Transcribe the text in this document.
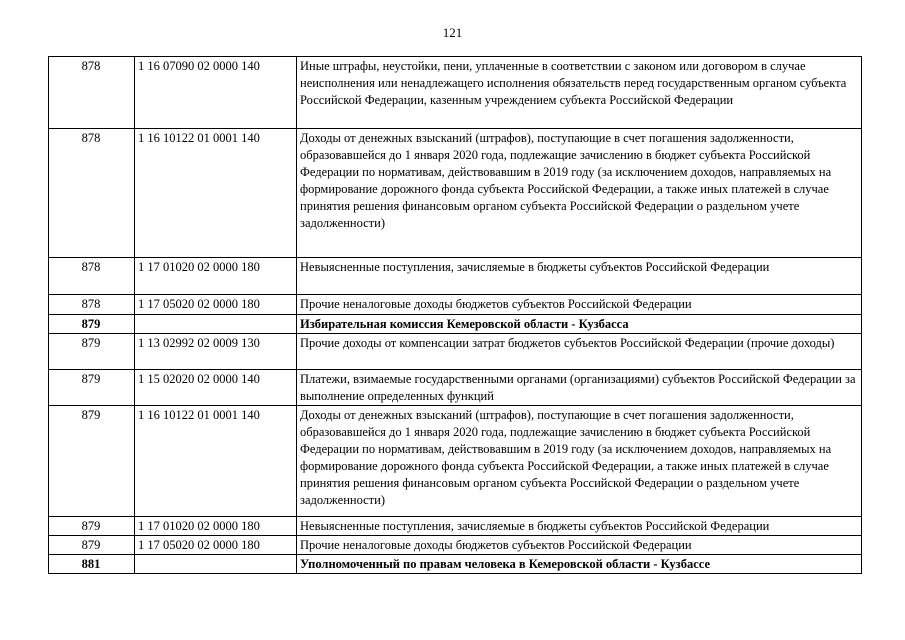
121
878	1 16 07090 02 0000 140	Иные штрафы, неустойки, пени, уплаченные в соответствии с законом или договором в случае неисполнения или ненадлежащего исполнения обязательств перед государственным органом субъекта Российской Федерации, казенным учреждением субъекта Российской Федерации
878	1 16 10122 01 0001 140	Доходы от денежных взысканий (штрафов), поступающие в счет погашения задолженности, образовавшейся до 1 января 2020 года, подлежащие зачислению в бюджет субъекта Российской Федерации по нормативам, действовавшим в 2019 году (за исключением доходов, направляемых на формирование дорожного фонда субъекта Российской Федерации, а также иных платежей в случае принятия решения финансовым органом субъекта Российской Федерации о раздельном учете задолженности)
878	1 17 01020 02 0000 180	Невыясненные поступления, зачисляемые в бюджеты субъектов Российской Федерации
878	1 17 05020 02 0000 180	Прочие неналоговые доходы бюджетов субъектов Российской Федерации
879		Избирательная комиссия Кемеровской области - Кузбасса
879	1 13 02992 02 0009 130	Прочие доходы от компенсации затрат бюджетов субъектов Российской Федерации (прочие доходы)
879	1 15 02020 02 0000 140	Платежи, взимаемые государственными органами (организациями) субъектов Российской Федерации за выполнение определенных функций
879	1 16 10122 01 0001 140	Доходы от денежных взысканий (штрафов), поступающие в счет погашения задолженности, образовавшейся до 1 января 2020 года, подлежащие зачислению в бюджет субъекта Российской Федерации по нормативам, действовавшим в 2019 году (за исключением доходов, направляемых на формирование дорожного фонда субъекта Российской Федерации, а также иных платежей в случае принятия решения финансовым органом субъекта Российской Федерации о раздельном учете задолженности)
879	1 17 01020 02 0000 180	Невыясненные поступления, зачисляемые в бюджеты субъектов Российской Федерации
879	1 17 05020 02 0000 180	Прочие неналоговые доходы бюджетов субъектов Российской Федерации
881		Уполномоченный по правам человека в Кемеровской области - Кузбассе
